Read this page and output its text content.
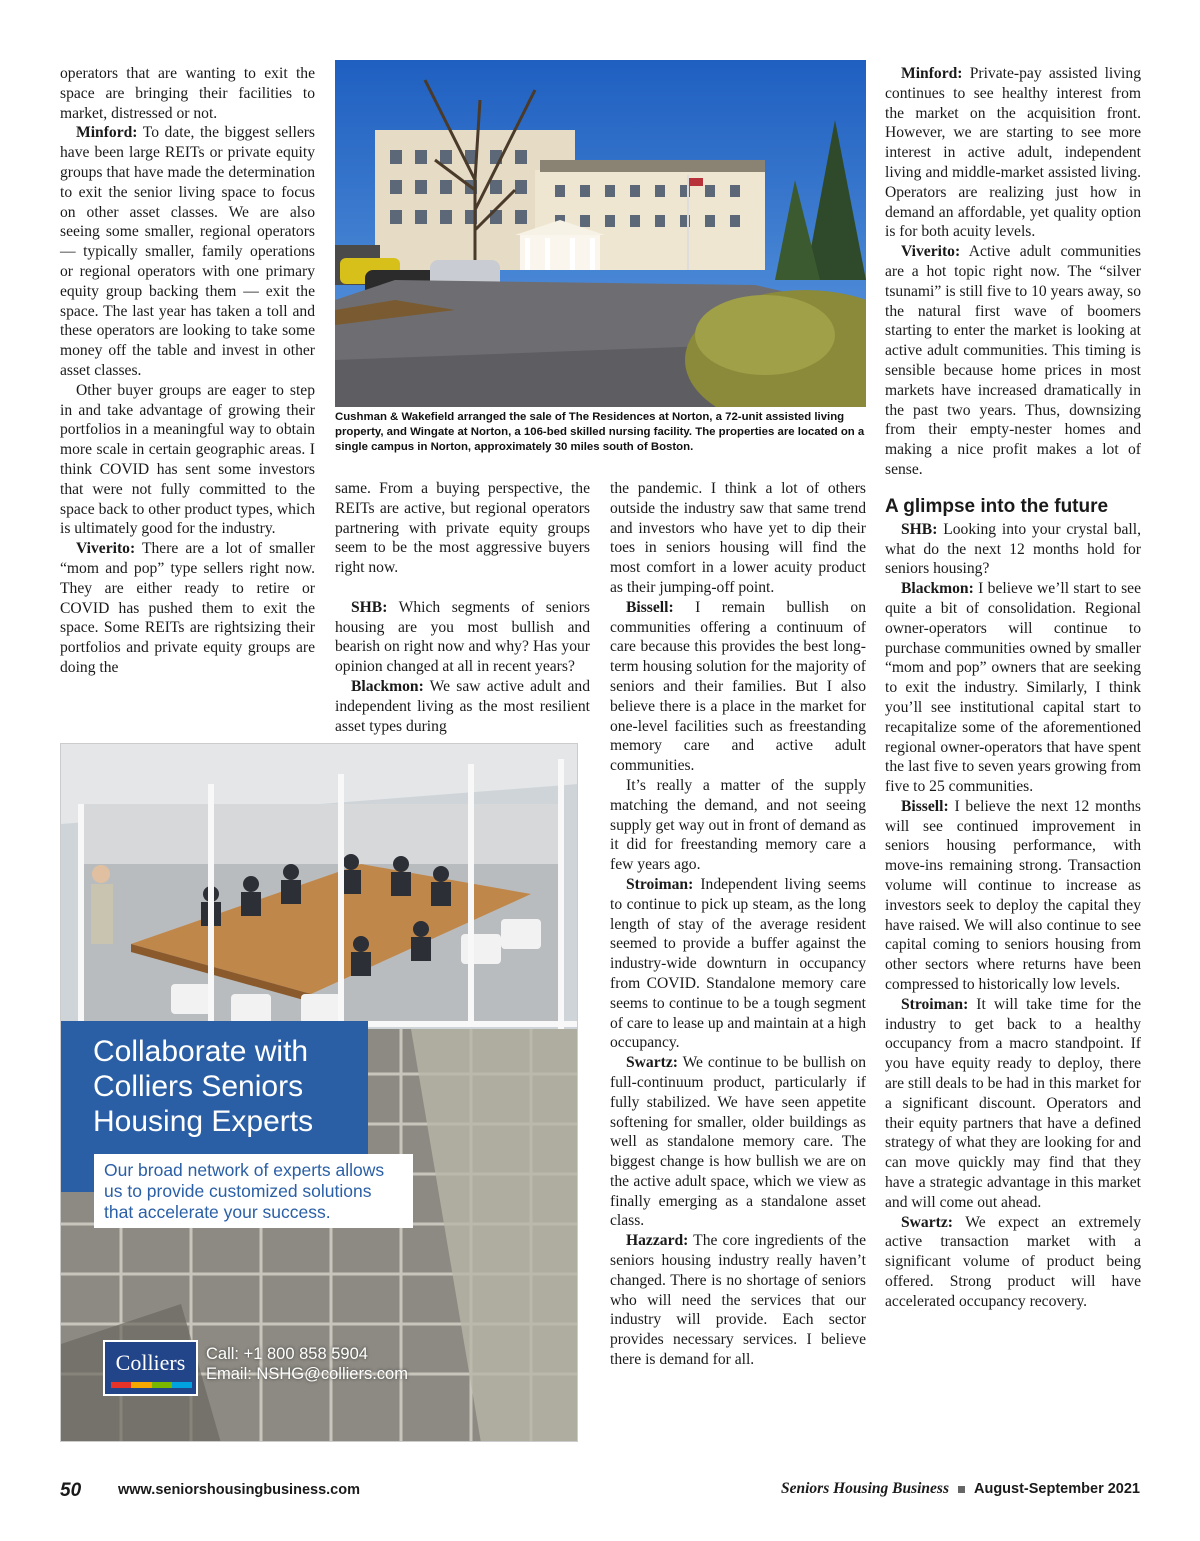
operators that are wanting to exit the space are bringing their facilities to market, distressed or not.

Minford: To date, the biggest sellers have been large REITs or private equity groups that have made the determination to exit the senior living space to focus on other asset classes. We are also seeing some smaller, regional operators — typically smaller, family operations or regional operators with one primary equity group backing them — exit the space. The last year has taken a toll and these operators are looking to take some money off the table and invest in other asset classes.

Other buyer groups are eager to step in and take advantage of growing their portfolios in a meaningful way to obtain more scale in certain geographic areas. I think COVID has sent some investors that were not fully committed to the space back to other product types, which is ultimately good for the industry.

Viverito: There are a lot of smaller “mom and pop” type sellers right now. They are either ready to retire or COVID has pushed them to exit the space. Some REITs are rightsizing their portfolios and private equity groups are doing the

Cushman & Wakefield arranged the sale of The Residences at Norton, a 72-unit assisted living property, and Wingate at Norton, a 106-bed skilled nursing facility. The properties are located on a single campus in Norton, approximately 30 miles south of Boston.

same. From a buying perspective, the REITs are active, but regional operators partnering with private equity groups seem to be the most aggressive buyers right now.

SHB: Which segments of seniors housing are you most bullish and bearish on right now and why? Has your opinion changed at all in recent years?

Blackmon: We saw active adult and independent living as the most resilient asset types during

the pandemic. I think a lot of others outside the industry saw that same trend and investors who have yet to dip their toes in seniors housing will find the most comfort in a lower acuity product as their jumping-off point.

Bissell: I remain bullish on communities offering a continuum of care because this provides the best long-term housing solution for the majority of seniors and their families. But I also believe there is a place in the market for one-level facilities such as freestanding memory care and active adult communities.

It’s really a matter of the supply matching the demand, and not seeing supply get way out in front of demand as it did for freestanding memory care a few years ago.

Stroiman: Independent living seems to continue to pick up steam, as the long length of stay of the average resident seemed to provide a buffer against the industry-wide downturn in occupancy from COVID. Standalone memory care seems to continue to be a tough segment of care to lease up and maintain at a high occupancy.

Swartz: We continue to be bullish on full-continuum product, particularly if fully stabilized. We have seen appetite softening for smaller, older buildings as well as standalone memory care. The biggest change is how bullish we are on the active adult space, which we view as finally emerging as a standalone asset class.

Hazzard: The core ingredients of the seniors housing industry really haven’t changed. There is no shortage of seniors who will need the services that our industry will provide. Each sector provides necessary services. I believe there is demand for all.

Minford: Private-pay assisted living continues to see healthy interest from the market on the acquisition front. However, we are starting to see more interest in active adult, independent living and middle-market assisted living. Operators are realizing just how in demand an affordable, yet quality option is for both acuity levels.

Viverito: Active adult communities are a hot topic right now. The “silver tsunami” is still five to 10 years away, so the natural first wave of boomers starting to enter the market is looking at active adult communities. This timing is sensible because home prices in most markets have increased dramatically in the past two years. Thus, downsizing from their empty-nester homes and making a nice profit makes a lot of sense.

A glimpse into the future

SHB: Looking into your crystal ball, what do the next 12 months hold for seniors housing?

Blackmon: I believe we’ll start to see quite a bit of consolidation. Regional owner-operators will continue to purchase communities owned by smaller “mom and pop” owners that are seeking to exit the industry. Similarly, I think you’ll see institutional capital start to recapitalize some of the aforementioned regional owner-operators that have spent the last five to seven years growing from five to 25 communities.

Bissell: I believe the next 12 months will see continued improvement in seniors housing performance, with move-ins remaining strong. Transaction volume will continue to increase as investors seek to deploy the capital they have raised. We will also continue to see capital coming to seniors housing from other sectors where returns have been compressed to historically low levels.

Stroiman: It will take time for the industry to get back to a healthy occupancy from a macro standpoint. If you have equity ready to deploy, there are still deals to be had in this market for a significant discount. Operators and their equity partners that have a defined strategy of what they are looking for and can move quickly may find that they have a strategic advantage in this market and will come out ahead.

Swartz: We expect an extremely active transaction market with a significant volume of product being offered. Strong product will have accelerated occupancy recovery.

Collaborate with Colliers Seniors Housing Experts
Our broad network of experts allows us to provide customized solutions that accelerate your success.
Colliers	Call: +1 800 858 5904
Email: NSHG@colliers.com
50	www.seniorshousingbusiness.com	Seniors Housing Business August-September 2021
